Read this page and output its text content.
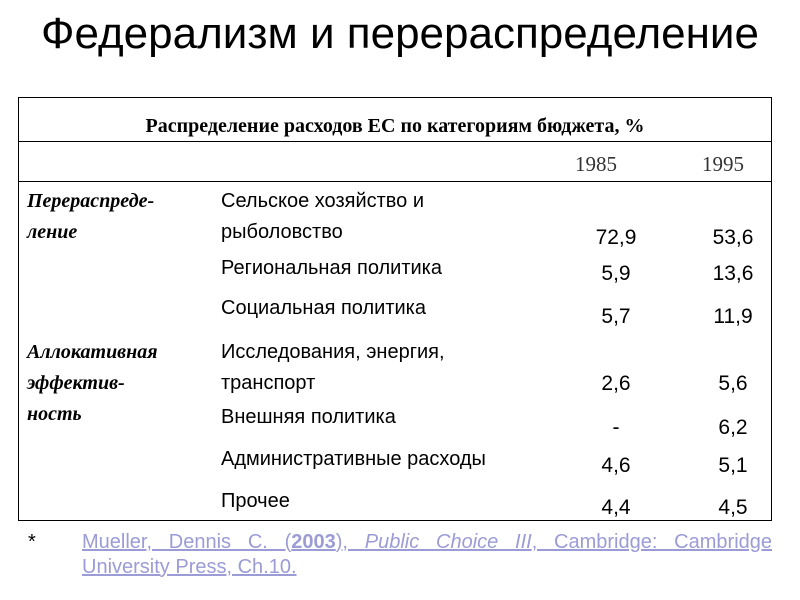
Федерализм и перераспределение
Распределение расходов ЕС по категориям бюджета, %
1985	1995
Перераспреде-
ление
Аллокативная
эффектив-
ность
Сельское хозяйство и
рыболовство
Региональная политика
Социальная политика
Исследования, энергия,
транспорт
Внешняя политика
Административные расходы
Прочее
72,9
5,9
5,7
2,6
-
4,6
4,4
53,6
13,6
11,9
5,6
6,2
5,1
4,5
* Mueller, Dennis C. (2003), Public Choice III, Cambridge: Cambridge University Press, Ch.10.
